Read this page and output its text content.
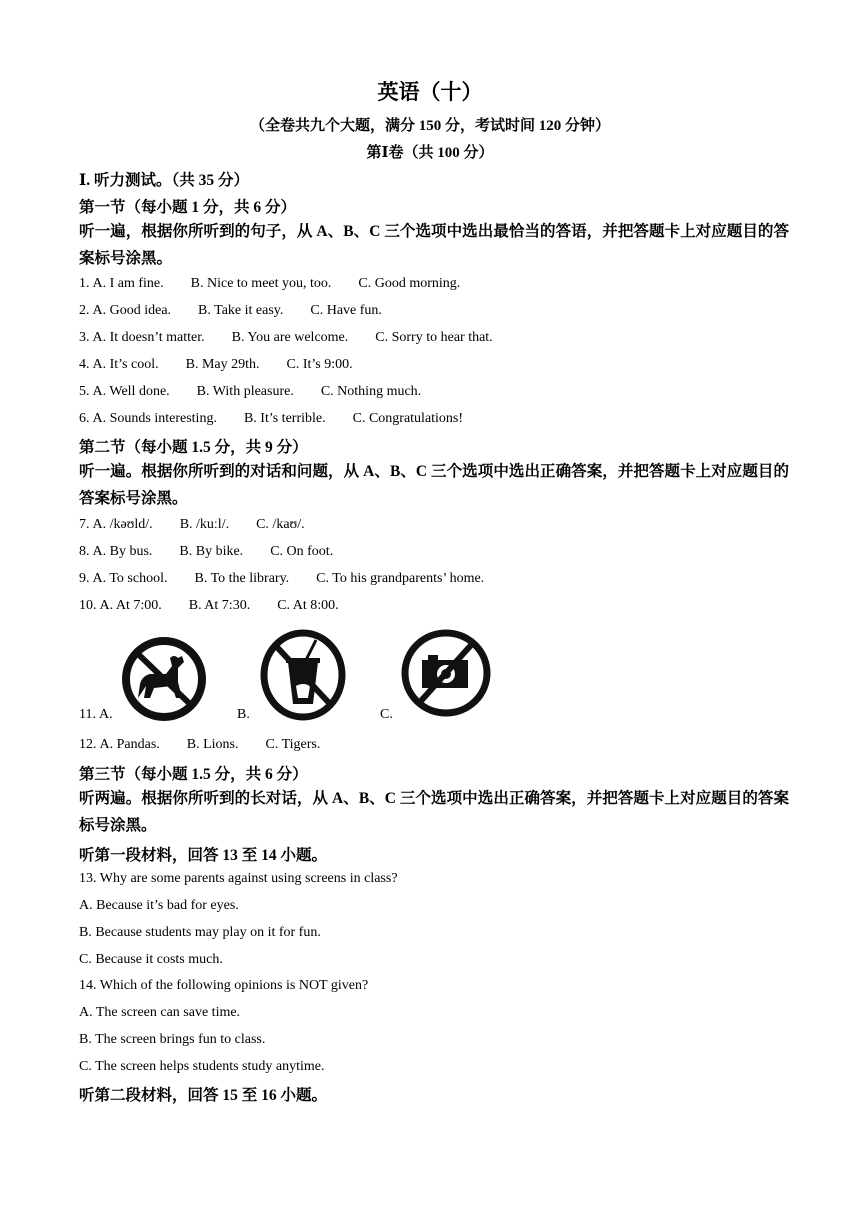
英语（十）
（全卷共九个大题，满分 150 分，考试时间 120 分钟）
第Ⅰ卷（共 100 分）
Ⅰ. 听力测试。（共 35 分）
第一节（每小题 1 分，共 6 分）
听一遍，根据你所听到的句子，从 A、B、C 三个选项中选出最恰当的答语，并把答题卡上对应题目的答案标号涂黑。
1. A. I am fine. B. Nice to meet you, too. C. Good morning.
2. A. Good idea. B. Take it easy. C. Have fun.
3. A. It doesn’t matter. B. You are welcome. C. Sorry to hear that.
4. A. It’s cool. B. May 29th. C. It’s 9:00.
5. A. Well done. B. With pleasure. C. Nothing much.
6. A. Sounds interesting. B. It’s terrible. C. Congratulations!
第二节（每小题 1.5 分，共 9 分）
听一遍。根据你所听到的对话和问题，从 A、B、C 三个选项中选出正确答案，并把答题卡上对应题目的答案标号涂黑。
7. A. /kəʊld/. B. /kuːl/. C. /kaʊ/.
8. A. By bus. B. By bike. C. On foot.
9. A. To school. B. To the library. C. To his grandparents’ home.
10. A. At 7:00. B. At 7:30. C. At 8:00.
11. A.	B.	C.
12. A. Pandas. B. Lions. C. Tigers.
第三节（每小题 1.5 分，共 6 分）
听两遍。根据你所听到的长对话，从 A、B、C 三个选项中选出正确答案，并把答题卡上对应题目的答案标号涂黑。
听第一段材料，回答 13 至 14 小题。
13. Why are some parents against using screens in class?
A. Because it’s bad for eyes.
B. Because students may play on it for fun.
C. Because it costs much.
14. Which of the following opinions is NOT given?
A. The screen can save time.
B. The screen brings fun to class.
C. The screen helps students study anytime.
听第二段材料，回答 15 至 16 小题。
